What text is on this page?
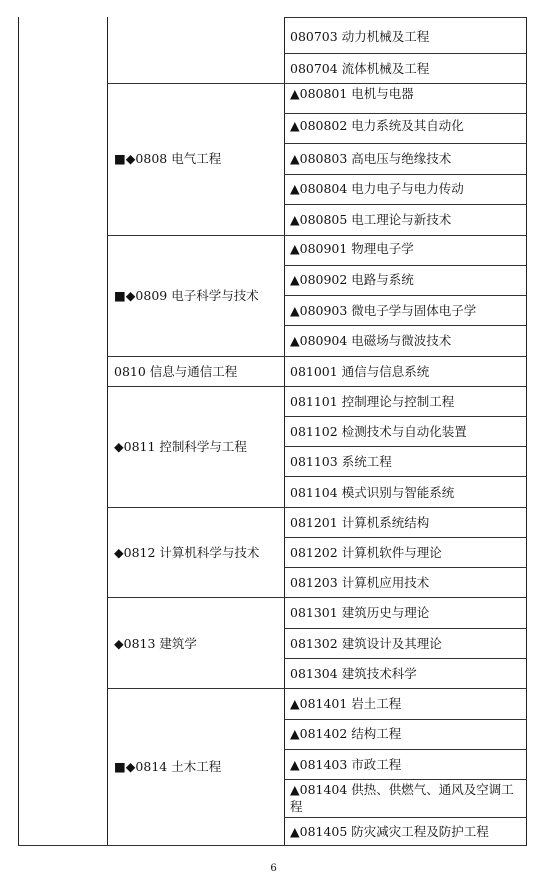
080703 动力机械及工程
080704 流体机械及工程
▲080801 电机与电器
▲080802 电力系统及其自动化
▲080803 高电压与绝缘技术
▲080804 电力电子与电力传动
▲080805 电工理论与新技术
▲080901 物理电子学
▲080902 电路与系统
▲080903 微电子学与固体电子学
▲080904 电磁场与微波技术
081001 通信与信息系统
081101 控制理论与控制工程
081102 检测技术与自动化装置
081103 系统工程
081104 模式识别与智能系统
081201 计算机系统结构
081202 计算机软件与理论
081203 计算机应用技术
081301 建筑历史与理论
081302 建筑设计及其理论
081304 建筑技术科学
▲081401 岩土工程
▲081402 结构工程
▲081403 市政工程
▲081404 供热、供燃气、通风及空调工程
▲081405 防灾减灾工程及防护工程
■◆0808 电气工程
■◆0809 电子科学与技术
0810 信息与通信工程
◆0811 控制科学与工程
◆0812 计算机科学与技术
◆0813 建筑学
■◆0814 土木工程
6
